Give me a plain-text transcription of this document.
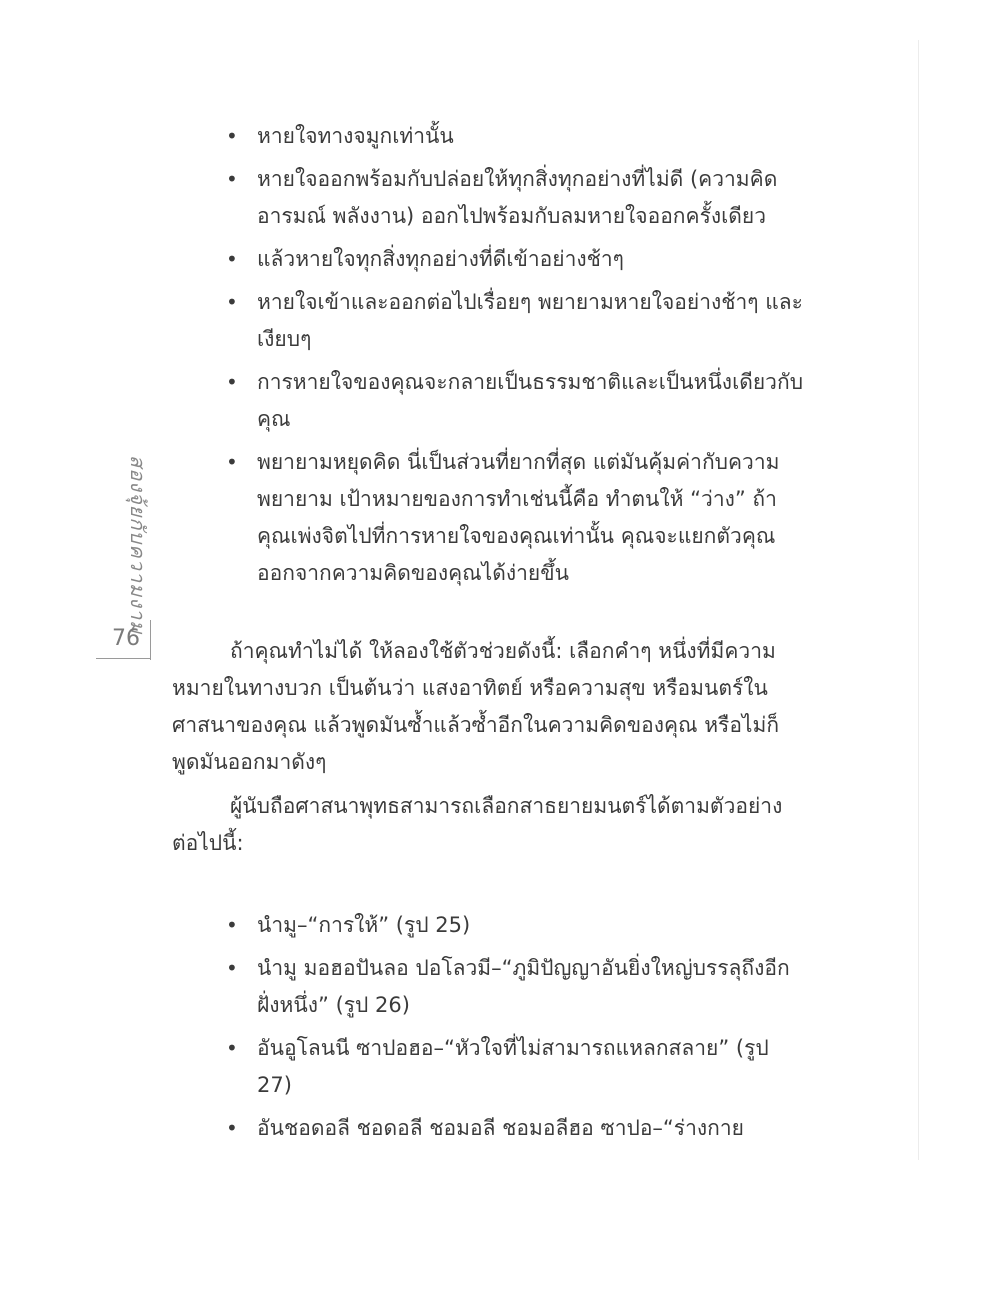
สองจุ้ยกับความงาม
76
• หายใจทางจมูกเท่านั้น
• หายใจออกพร้อมกับปล่อยให้ทุกสิ่งทุกอย่างที่ไม่ดี (ความคิด อารมณ์ พลังงาน) ออกไปพร้อมกับลมหายใจออกครั้งเดียว
• แล้วหายใจทุกสิ่งทุกอย่างที่ดีเข้าอย่างช้าๆ
• หายใจเข้าและออกต่อไปเรื่อยๆ พยายามหายใจอย่างช้าๆ และเงียบๆ
• การหายใจของคุณจะกลายเป็นธรรมชาติและเป็นหนึ่งเดียวกับคุณ
• พยายามหยุดคิด นี่เป็นส่วนที่ยากที่สุด แต่มันคุ้มค่ากับความพยายาม เป้าหมายของการทำเช่นนี้คือ ทำตนให้ “ว่าง” ถ้าคุณเพ่งจิตไปที่การหายใจของคุณเท่านั้น คุณจะแยกตัวคุณออกจากความคิดของคุณได้ง่ายขึ้น

ถ้าคุณทำไม่ได้ ให้ลองใช้ตัวช่วยดังนี้: เลือกคำๆ หนึ่งที่มีความหมายในทางบวก เป็นต้นว่า แสงอาทิตย์ หรือความสุข หรือมนตร์ในศาสนาของคุณ แล้วพูดมันซ้ำแล้วซ้ำอีกในความคิดของคุณ หรือไม่ก็พูดมันออกมาดังๆ

ผู้นับถือศาสนาพุทธสามารถเลือกสาธยายมนตร์ได้ตามตัวอย่างต่อไปนี้:

• นำมู–“การให้” (รูป 25)
• นำมู มอฮอปันลอ ปอโลวมี–“ภูมิปัญญาอันยิ่งใหญ่บรรลุถึงอีกฝั่งหนึ่ง” (รูป 26)
• อันอูโลนนี ซาปอฮอ–“หัวใจที่ไม่สามารถแหลกสลาย” (รูป 27)
• อันชอดอลี ชอดอลี ชอมอลี ชอมอลีฮอ ซาปอ–“ร่างกาย
